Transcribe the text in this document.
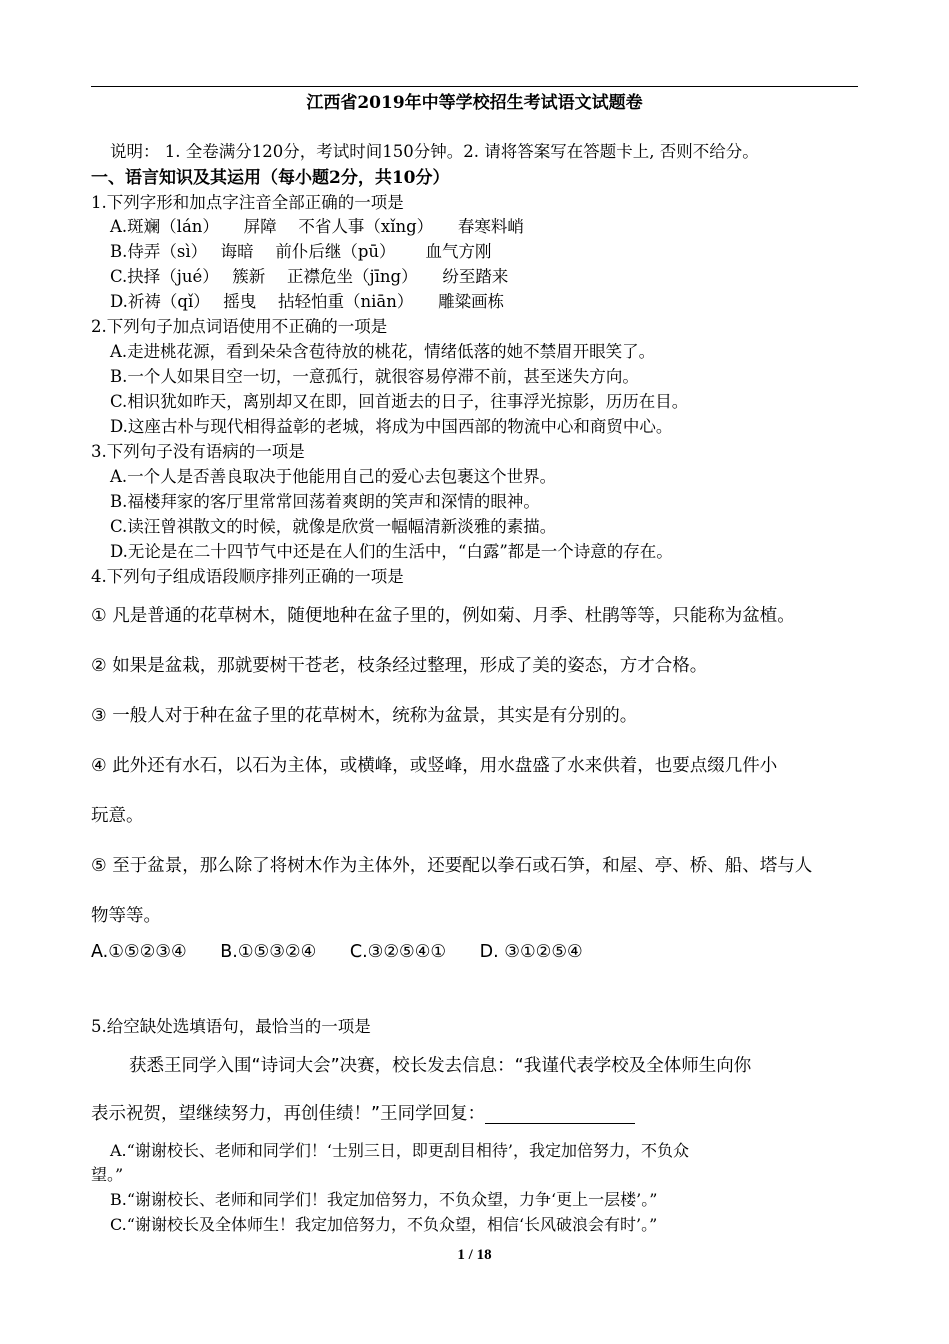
江西省2019年中等学校招生考试语文试题卷
说明： 1. 全卷满分120分，考试时间150分钟。2. 请将答案写在答题卡上, 否则不给分。
一、语言知识及其运用（每小题2分，共10分）
1.下列字形和加点字注音全部正确的一项是
A.斑斓（lán）　　屏障　 不省人事（xǐng）　　春寒料峭
B.侍弄（sì）　 诲暗　 前仆后继（pū）　　 血气方刚
C.抉择（jué）　 簇新　 正襟危坐（jīng）　　纷至踏来
D.祈祷（qǐ）　 摇曳　 拈轻怕重（niān）　　雕粱画栋
2.下列句子加点词语使用不正确的一项是
A.走进桃花源，看到朵朵含苞待放的桃花，情绪低落的她不禁眉开眼笑了。
B.一个人如果目空一切，一意孤行，就很容易停滞不前，甚至迷失方向。
C.相识犹如昨天，离别却又在即，回首逝去的日子，往事浮光掠影，历历在目。
D.这座古朴与现代相得益彰的老城，将成为中国西部的物流中心和商贸中心。
3.下列句子没有语病的一项是
A.一个人是否善良取决于他能用自己的爱心去包裹这个世界。
B.福楼拜家的客厅里常常回荡着爽朗的笑声和深情的眼神。
C.读汪曾祺散文的时候，就像是欣赏一幅幅清新淡雅的素描。
D.无论是在二十四节气中还是在人们的生活中，“白露”都是一个诗意的存在。
4.下列句子组成语段顺序排列正确的一项是
① 凡是普通的花草树木，随便地种在盆子里的，例如菊、月季、杜鹃等等，只能称为盆植。
② 如果是盆栽，那就要树干苍老，枝条经过整理，形成了美的姿态，方才合格。
③ 一般人对于种在盆子里的花草树木，统称为盆景，其实是有分别的。
④ 此外还有水石，以石为主体，或横峰，或竖峰，用水盘盛了水来供着，也要点缀几件小
玩意。
⑤ 至于盆景，那么除了将树木作为主体外，还要配以拳石或石笋，和屋、亭、桥、船、塔与人
物等等。
A.①⑤②③④ B.①⑤③②④ C.③②⑤④① D. ③①②⑤④
5.给空缺处选填语句，最恰当的一项是
获悉王同学入围“诗词大会”决赛，校长发去信息：“我谨代表学校及全体师生向你
表示祝贺，望继续努力，再创佳绩！”王同学回复：
A.“谢谢校长、老师和同学们！‘士别三日，即更刮目相待’，我定加倍努力，不负众
望。”
B.“谢谢校长、老师和同学们！我定加倍努力，不负众望，力争‘更上一层楼’。”
C.“谢谢校长及全体师生！我定加倍努力，不负众望，相信‘长风破浪会有时’。”
1 / 18
